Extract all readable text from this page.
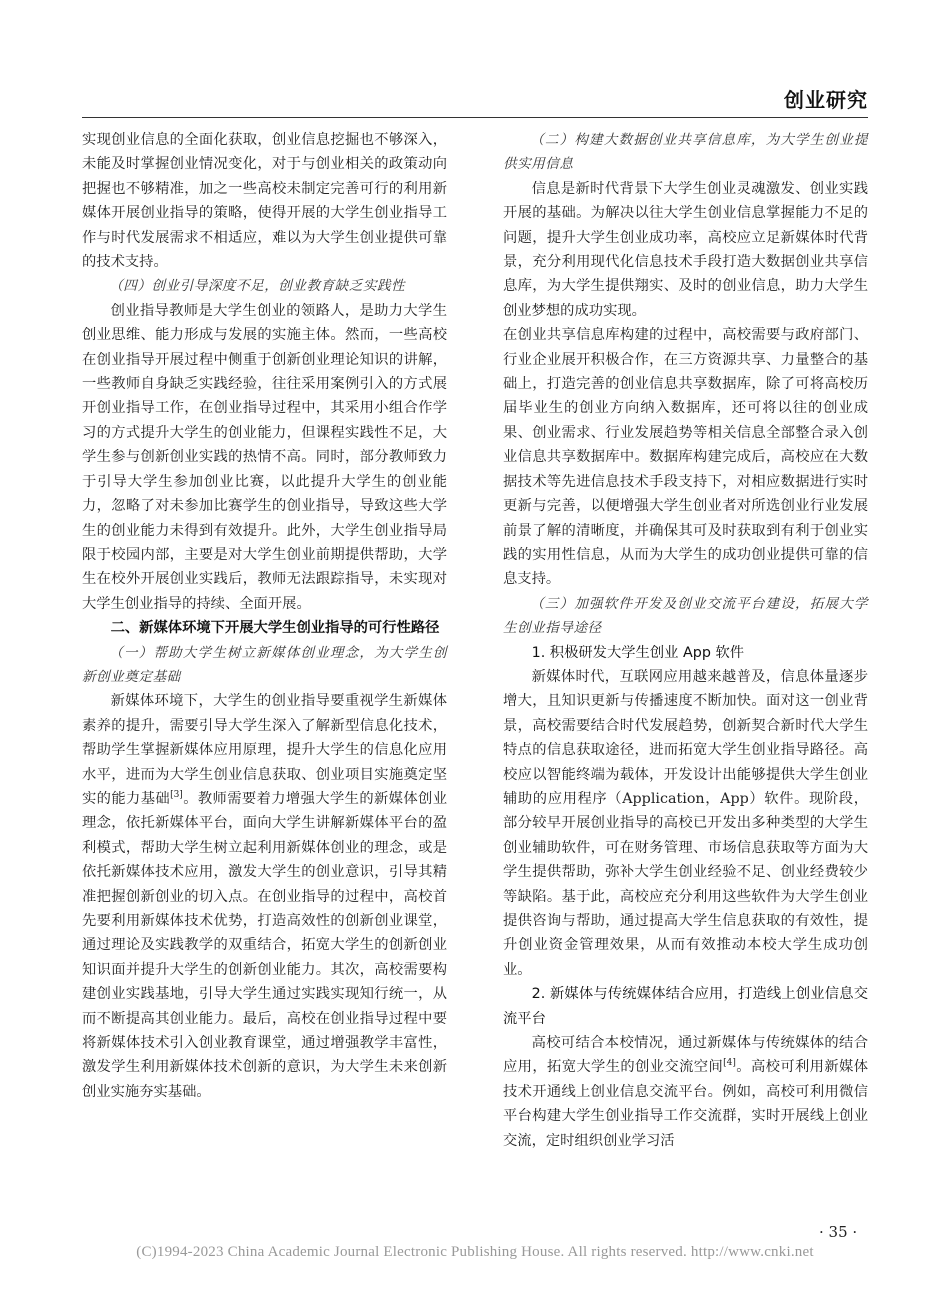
创业研究

实现创业信息的全面化获取，创业信息挖掘也不够深入，未能及时掌握创业情况变化，对于与创业相关的政策动向把握也不够精准，加之一些高校未制定完善可行的利用新媒体开展创业指导的策略，使得开展的大学生创业指导工作与时代发展需求不相适应，难以为大学生创业提供可靠的技术支持。

（四）创业引导深度不足，创业教育缺乏实践性

创业指导教师是大学生创业的领路人，是助力大学生创业思维、能力形成与发展的实施主体。然而，一些高校在创业指导开展过程中侧重于创新创业理论知识的讲解，一些教师自身缺乏实践经验，往往采用案例引入的方式展开创业指导工作，在创业指导过程中，其采用小组合作学习的方式提升大学生的创业能力，但课程实践性不足，大学生参与创新创业实践的热情不高。同时，部分教师致力于引导大学生参加创业比赛，以此提升大学生的创业能力，忽略了对未参加比赛学生的创业指导，导致这些大学生的创业能力未得到有效提升。此外，大学生创业指导局限于校园内部，主要是对大学生创业前期提供帮助，大学生在校外开展创业实践后，教师无法跟踪指导，未实现对大学生创业指导的持续、全面开展。

二、新媒体环境下开展大学生创业指导的可行性路径

（一）帮助大学生树立新媒体创业理念，为大学生创新创业奠定基础

新媒体环境下，大学生的创业指导要重视学生新媒体素养的提升，需要引导大学生深入了解新型信息化技术，帮助学生掌握新媒体应用原理，提升大学生的信息化应用水平，进而为大学生创业信息获取、创业项目实施奠定坚实的能力基础[3]。教师需要着力增强大学生的新媒体创业理念，依托新媒体平台，面向大学生讲解新媒体平台的盈利模式，帮助大学生树立起利用新媒体创业的理念，或是依托新媒体技术应用，激发大学生的创业意识，引导其精准把握创新创业的切入点。在创业指导的过程中，高校首先要利用新媒体技术优势，打造高效性的创新创业课堂，通过理论及实践教学的双重结合，拓宽大学生的创新创业知识面并提升大学生的创新创业能力。其次，高校需要构建创业实践基地，引导大学生通过实践实现知行统一，从而不断提高其创业能力。最后，高校在创业指导过程中要将新媒体技术引入创业教育课堂，通过增强教学丰富性，激发学生利用新媒体技术创新的意识，为大学生未来创新创业实施夯实基础。

（二）构建大数据创业共享信息库，为大学生创业提供实用信息

信息是新时代背景下大学生创业灵魂激发、创业实践开展的基础。为解决以往大学生创业信息掌握能力不足的问题，提升大学生创业成功率，高校应立足新媒体时代背景，充分利用现代化信息技术手段打造大数据创业共享信息库，为大学生提供翔实、及时的创业信息，助力大学生创业梦想的成功实现。

在创业共享信息库构建的过程中，高校需要与政府部门、行业企业展开积极合作，在三方资源共享、力量整合的基础上，打造完善的创业信息共享数据库，除了可将高校历届毕业生的创业方向纳入数据库，还可将以往的创业成果、创业需求、行业发展趋势等相关信息全部整合录入创业信息共享数据库中。数据库构建完成后，高校应在大数据技术等先进信息技术手段支持下，对相应数据进行实时更新与完善，以便增强大学生创业者对所选创业行业发展前景了解的清晰度，并确保其可及时获取到有利于创业实践的实用性信息，从而为大学生的成功创业提供可靠的信息支持。

（三）加强软件开发及创业交流平台建设，拓展大学生创业指导途径

1. 积极研发大学生创业 App 软件

新媒体时代，互联网应用越来越普及，信息体量逐步增大，且知识更新与传播速度不断加快。面对这一创业背景，高校需要结合时代发展趋势，创新契合新时代大学生特点的信息获取途径，进而拓宽大学生创业指导路径。高校应以智能终端为载体，开发设计出能够提供大学生创业辅助的应用程序（Application，App）软件。现阶段，部分较早开展创业指导的高校已开发出多种类型的大学生创业辅助软件，可在财务管理、市场信息获取等方面为大学生提供帮助，弥补大学生创业经验不足、创业经费较少等缺陷。基于此，高校应充分利用这些软件为大学生创业提供咨询与帮助，通过提高大学生信息获取的有效性，提升创业资金管理效果，从而有效推动本校大学生成功创业。

2. 新媒体与传统媒体结合应用，打造线上创业信息交流平台

高校可结合本校情况，通过新媒体与传统媒体的结合应用，拓宽大学生的创业交流空间[4]。高校可利用新媒体技术开通线上创业信息交流平台。例如，高校可利用微信平台构建大学生创业指导工作交流群，实时开展线上创业交流，定时组织创业学习活

· 35 ·
(C)1994-2023 China Academic Journal Electronic Publishing House. All rights reserved. http://www.cnki.net
